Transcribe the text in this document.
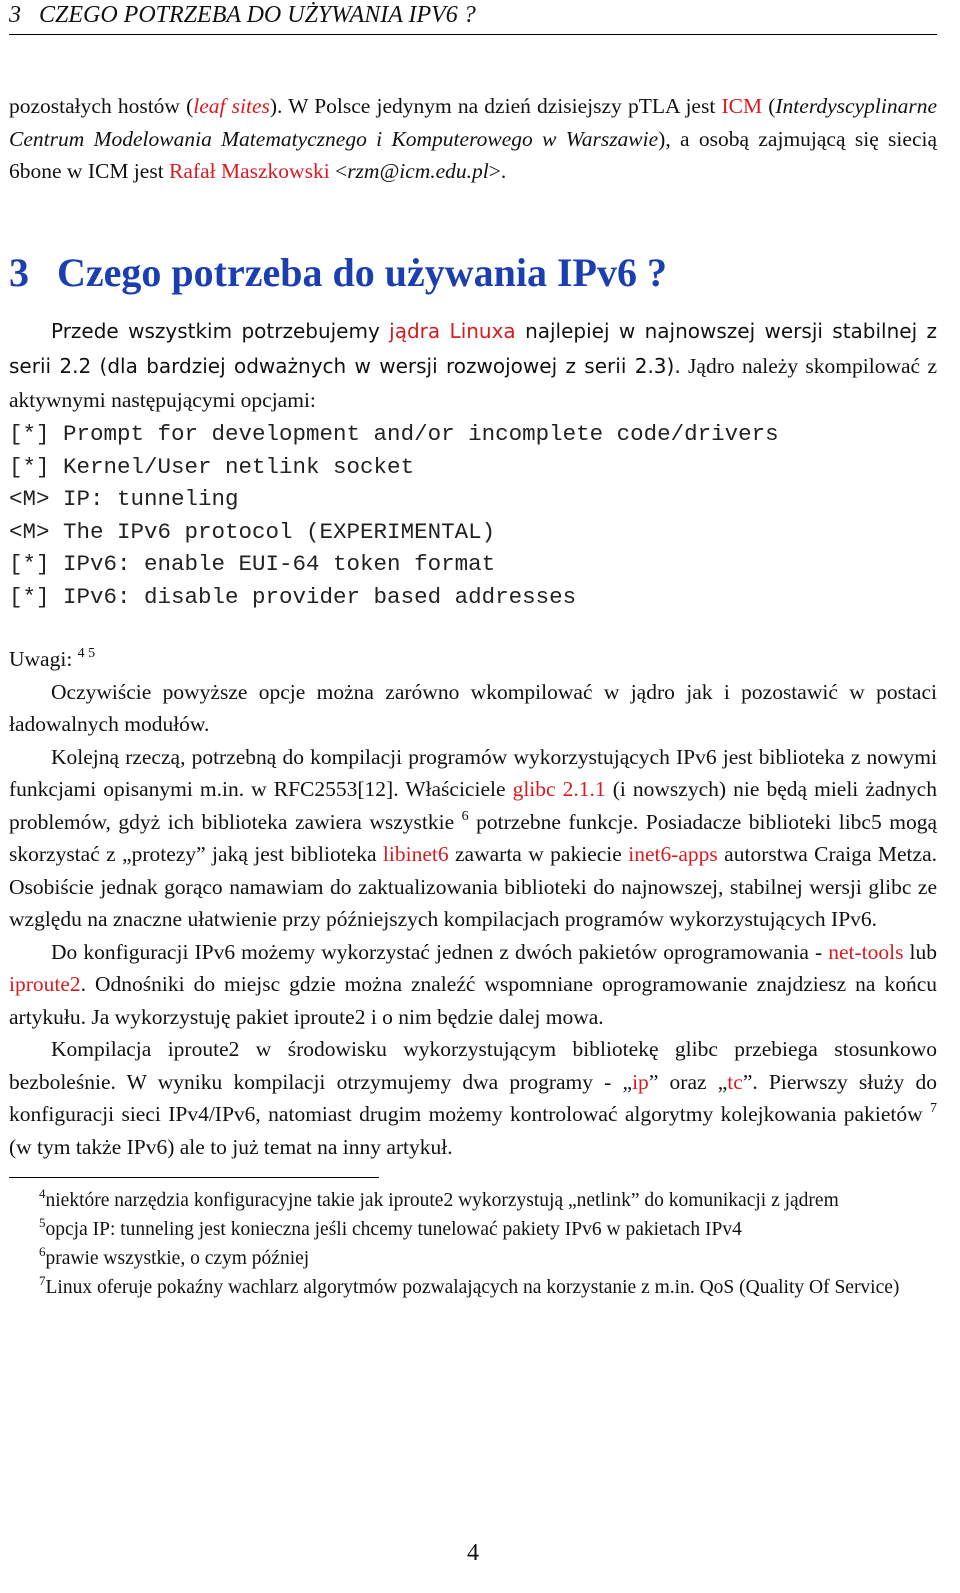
3 CZEGO POTRZEBA DO UŻYWANIA IPV6 ?

pozostałych hostów (leaf sites). W Polsce jedynym na dzień dzisiejszy pTLA jest ICM (Interdyscyplinarne Centrum Modelowania Matematycznego i Komputerowego w Warszawie), a osobą zajmującą się siecią 6bone w ICM jest Rafał Maszkowski <rzm@icm.edu.pl>.

3 Czego potrzeba do używania IPv6 ?

Przede wszystkim potrzebujemy jądra Linuxa najlepiej w najnowszej wersji stabilnej z serii 2.2 (dla bardziej odważnych w wersji rozwojowej z serii 2.3). Jądro należy skompilować z aktywnymi następującymi opcjami:

[*] Prompt for development and/or incomplete code/drivers
[*] Kernel/User netlink socket
<M> IP: tunneling
<M> The IPv6 protocol (EXPERIMENTAL)
[*] IPv6: enable EUI-64 token format
[*] IPv6: disable provider based addresses

Uwagi: $^{4 5}$

Oczywiście powyższe opcje można zarówno wkompilować w jądro jak i pozostawić w postaci ładowalnych modułów.

Kolejną rzeczą, potrzebną do kompilacji programów wykorzystujących IPv6 jest biblioteka z nowymi funkcjami opisanymi m.in. w RFC2553[12]. Właściciele glibc 2.1.1 (i nowszych) nie będą mieli żadnych problemów, gdyż ich biblioteka zawiera wszystkie $^6$ potrzebne funkcje. Posiadacze biblioteki libc5 mogą skorzystać z „protezy” jaką jest biblioteka libinet6 zawarta w pakiecie inet6-apps autorstwa Craiga Metza. Osobiście jednak gorąco namawiam do zaktualizowania biblioteki do najnowszej, stabilnej wersji glibc ze względu na znaczne ułatwienie przy późniejszych kompilacjach programów wykorzystujących IPv6.

Do konfiguracji IPv6 możemy wykorzystać jednen z dwóch pakietów oprogramowania - net-tools lub iproute2. Odnośniki do miejsc gdzie można znaleźć wspomniane oprogramowanie znajdziesz na końcu artykułu. Ja wykorzystuję pakiet iproute2 i o nim będzie dalej mowa.

Kompilacja iproute2 w środowisku wykorzystującym bibliotekę glibc przebiega stosunkowo bezboleśnie. W wyniku kompilacji otrzymujemy dwa programy - „ip” oraz „tc”. Pierwszy służy do konfiguracji sieci IPv4/IPv6, natomiast drugim możemy kontrolować algorytmy kolejkowania pakietów $^7$ (w tym także IPv6) ale to już temat na inny artykuł.

$^4$niektóre narzędzia konfiguracyjne takie jak iproute2 wykorzystują „netlink” do komunikacji z jądrem

$^5$opcja IP: tunneling jest konieczna jeśli chcemy tunelować pakiety IPv6 w pakietach IPv4

$^6$prawie wszystkie, o czym później

$^7$Linux oferuje pokaźny wachlarz algorytmów pozwalających na korzystanie z m.in. QoS (Quality Of Service)

4
